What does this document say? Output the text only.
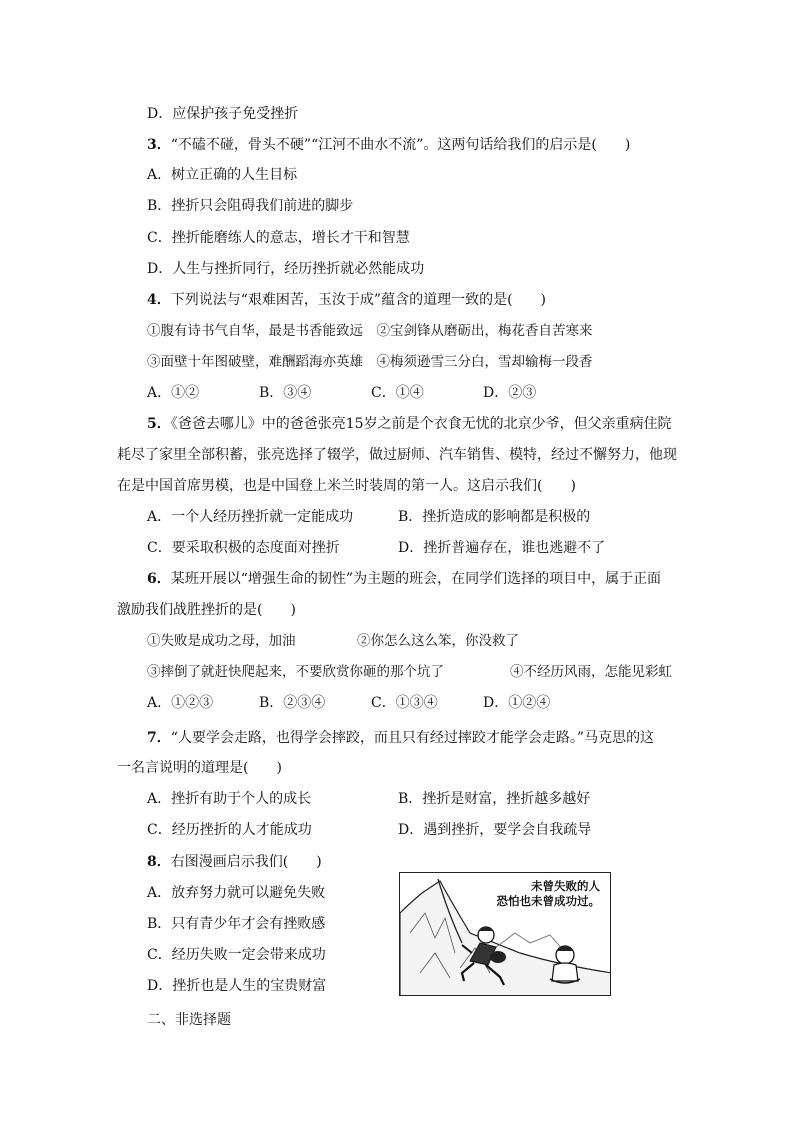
D．应保护孩子免受挫折
3．“不磕不碰，骨头不硬”“江河不曲水不流”。这两句话给我们的启示是(　　)
A．树立正确的人生目标
B．挫折只会阻碍我们前进的脚步
C．挫折能磨练人的意志，增长才干和智慧
D．人生与挫折同行，经历挫折就必然能成功
4．下列说法与“艰难困苦，玉汝于成”蕴含的道理一致的是(　　)
①腹有诗书气自华，最是书香能致远　②宝剑锋从磨砺出，梅花香自苦寒来
③面壁十年图破壁，难酬蹈海亦英雄　④梅须逊雪三分白，雪却输梅一段香
A．①②	B．③④	C．①④	D．②③
5．《爸爸去哪儿》中的爸爸张亮15岁之前是个衣食无忧的北京少爷，但父亲重病住院
耗尽了家里全部积蓄，张亮选择了辍学，做过厨师、汽车销售、模特，经过不懈努力，他现
在是中国首席男模，也是中国登上米兰时装周的第一人。这启示我们(　　)
A．一个人经历挫折就一定能成功	B．挫折造成的影响都是积极的
C．要采取积极的态度面对挫折	D．挫折普遍存在，谁也逃避不了
6．某班开展以“增强生命的韧性”为主题的班会，在同学们选择的项目中，属于正面
激励我们战胜挫折的是(　　)
①失败是成功之母，加油	②你怎么这么笨，你没救了
③摔倒了就赶快爬起来，不要欣赏你砸的那个坑了	④不经历风雨，怎能见彩虹
A．①②③	B．②③④	C．①③④	D．①②④
7．“人要学会走路，也得学会摔跤，而且只有经过摔跤才能学会走路。”马克思的这
一名言说明的道理是(　　)
A．挫折有助于个人的成长	B．挫折是财富，挫折越多越好
C．经历挫折的人才能成功	D．遇到挫折，要学会自我疏导
8．右图漫画启示我们(　　)
A．放弃努力就可以避免失败
B．只有青少年才会有挫败感
C．经历失败一定会带来成功
D．挫折也是人生的宝贵财富
未曾失败的人
恐怕也未曾成功过。
二、非选择题
